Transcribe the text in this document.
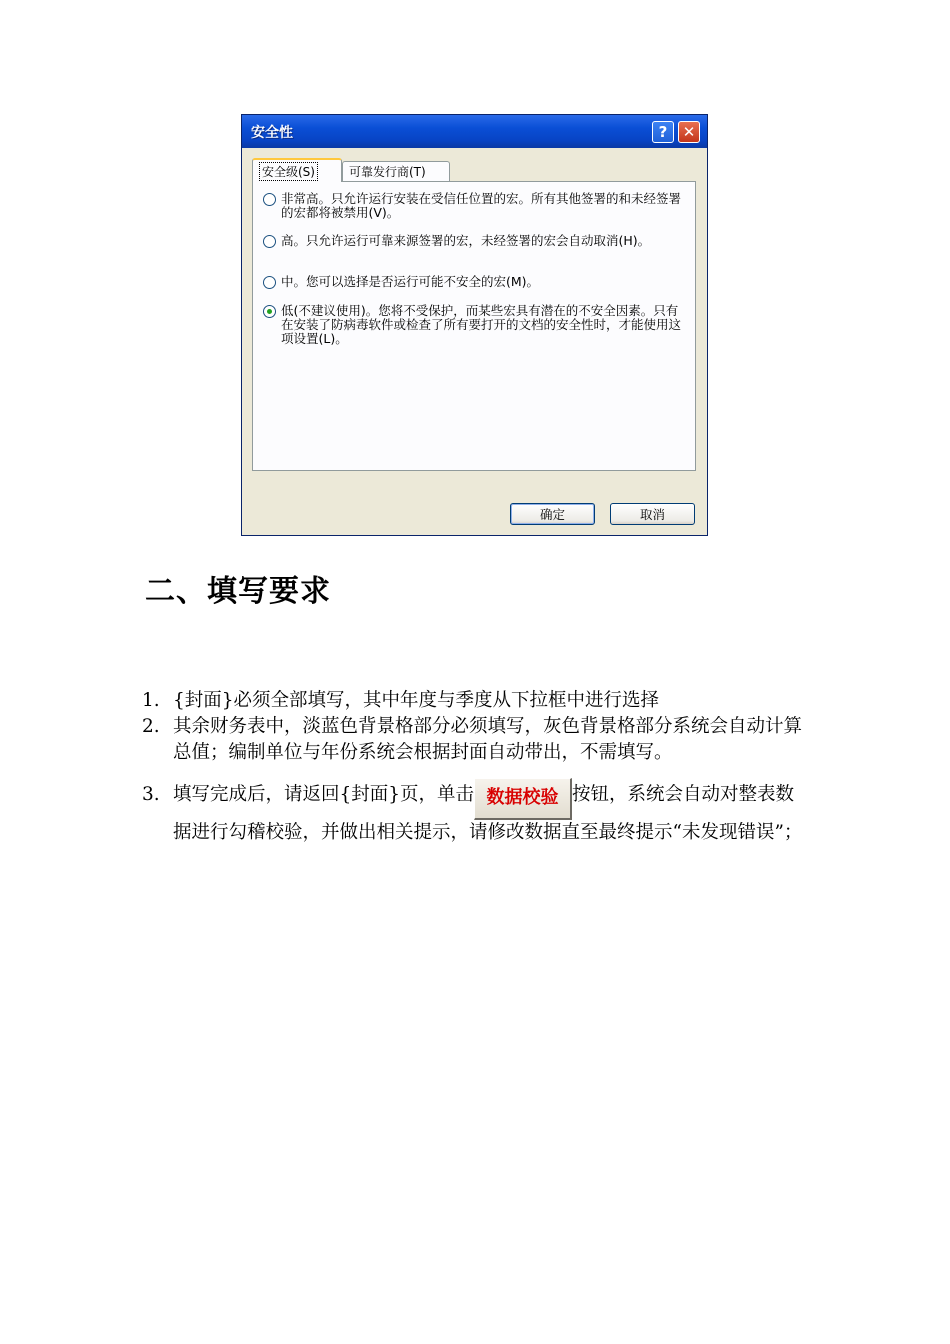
安全性	? ✕
安全级(S)	可靠发行商(T)
非常高。只允许运行安装在受信任位置的宏。所有其他签署的和未经签署的宏都将被禁用(V)。
高。只允许运行可靠来源签署的宏，未经签署的宏会自动取消(H)。
中。您可以选择是否运行可能不安全的宏(M)。
低(不建议使用)。您将不受保护，而某些宏具有潜在的不安全因素。只有在安装了防病毒软件或检查了所有要打开的文档的安全性时，才能使用这项设置(L)。
确定	取消
二、填写要求
1. {封面}必须全部填写，其中年度与季度从下拉框中进行选择
2. 其余财务表中，淡蓝色背景格部分必须填写，灰色背景格部分系统会自动计算总值；编制单位与年份系统会根据封面自动带出，不需填写。
3. 填写完成后，请返回{封面}页，单击 数据校验 按钮，系统会自动对整表数据进行勾稽校验，并做出相关提示，请修改数据直至最终提示“未发现错误”；
